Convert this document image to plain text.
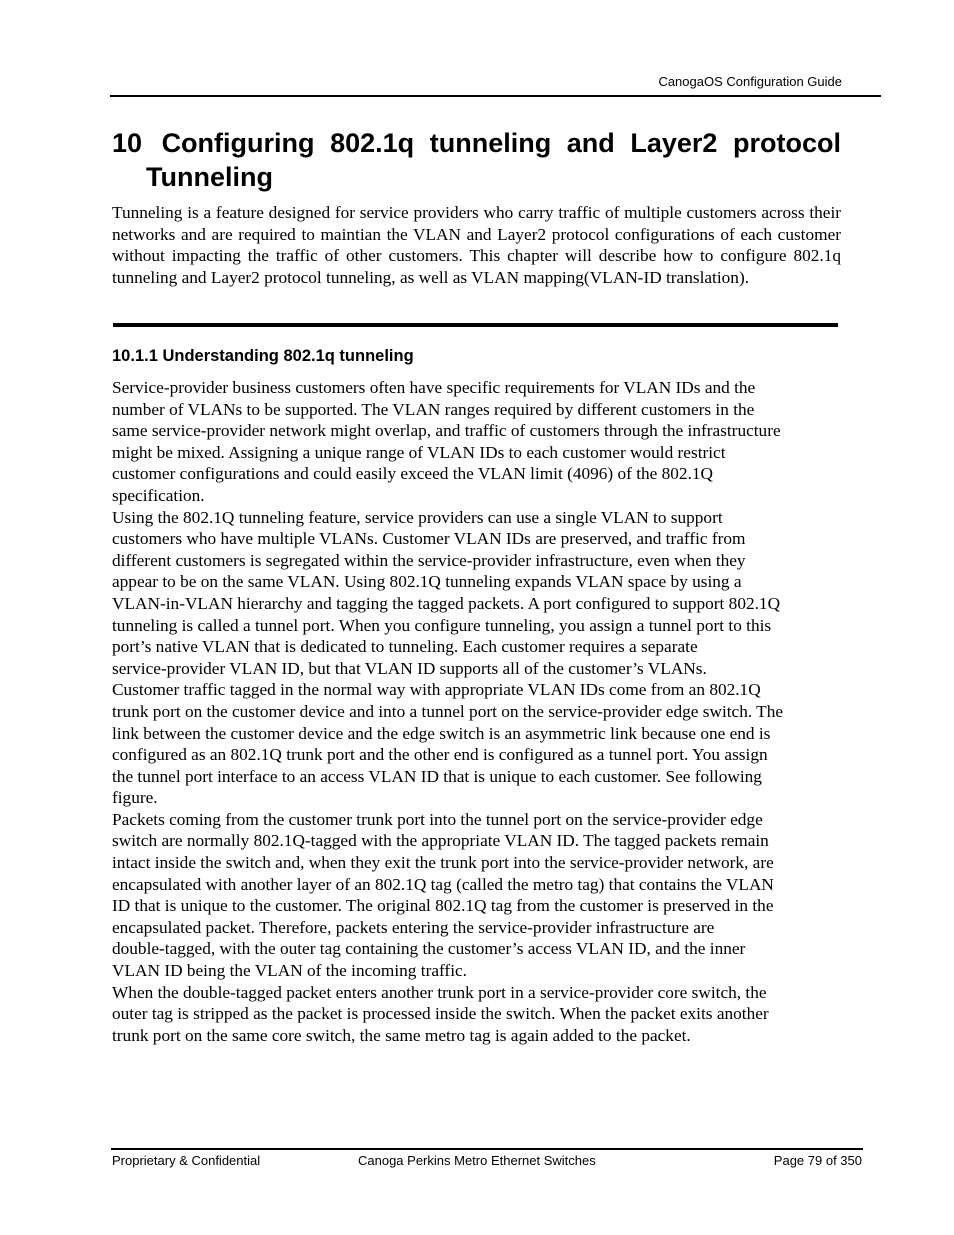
CanogaOS Configuration Guide
10 Configuring 802.1q tunneling and Layer2 protocol
Tunneling

Tunneling is a feature designed for service providers who carry traffic of multiple customers across their networks and are required to maintian the VLAN and Layer2 protocol configurations of each customer without impacting the traffic of other customers. This chapter will describe how to configure 802.1q tunneling and Layer2 protocol tunneling, as well as VLAN mapping(VLAN-ID translation).

10.1.1 Understanding 802.1q tunneling
Service-provider business customers often have specific requirements for VLAN IDs and the
number of VLANs to be supported. The VLAN ranges required by different customers in the
same service-provider network might overlap, and traffic of customers through the infrastructure
might be mixed. Assigning a unique range of VLAN IDs to each customer would restrict
customer configurations and could easily exceed the VLAN limit (4096) of the 802.1Q
specification.
Using the 802.1Q tunneling feature, service providers can use a single VLAN to support
customers who have multiple VLANs. Customer VLAN IDs are preserved, and traffic from
different customers is segregated within the service-provider infrastructure, even when they
appear to be on the same VLAN. Using 802.1Q tunneling expands VLAN space by using a
VLAN-in-VLAN hierarchy and tagging the tagged packets. A port configured to support 802.1Q
tunneling is called a tunnel port. When you configure tunneling, you assign a tunnel port to this
port’s native VLAN that is dedicated to tunneling. Each customer requires a separate
service-provider VLAN ID, but that VLAN ID supports all of the customer’s VLANs.
Customer traffic tagged in the normal way with appropriate VLAN IDs come from an 802.1Q
trunk port on the customer device and into a tunnel port on the service-provider edge switch. The
link between the customer device and the edge switch is an asymmetric link because one end is
configured as an 802.1Q trunk port and the other end is configured as a tunnel port. You assign
the tunnel port interface to an access VLAN ID that is unique to each customer. See following
figure.
Packets coming from the customer trunk port into the tunnel port on the service-provider edge
switch are normally 802.1Q-tagged with the appropriate VLAN ID. The tagged packets remain
intact inside the switch and, when they exit the trunk port into the service-provider network, are
encapsulated with another layer of an 802.1Q tag (called the metro tag) that contains the VLAN
ID that is unique to the customer. The original 802.1Q tag from the customer is preserved in the
encapsulated packet. Therefore, packets entering the service-provider infrastructure are
double-tagged, with the outer tag containing the customer’s access VLAN ID, and the inner
VLAN ID being the VLAN of the incoming traffic.
When the double-tagged packet enters another trunk port in a service-provider core switch, the
outer tag is stripped as the packet is processed inside the switch. When the packet exits another
trunk port on the same core switch, the same metro tag is again added to the packet.
Proprietary & Confidential	Canoga Perkins Metro Ethernet Switches	Page 79 of 350
